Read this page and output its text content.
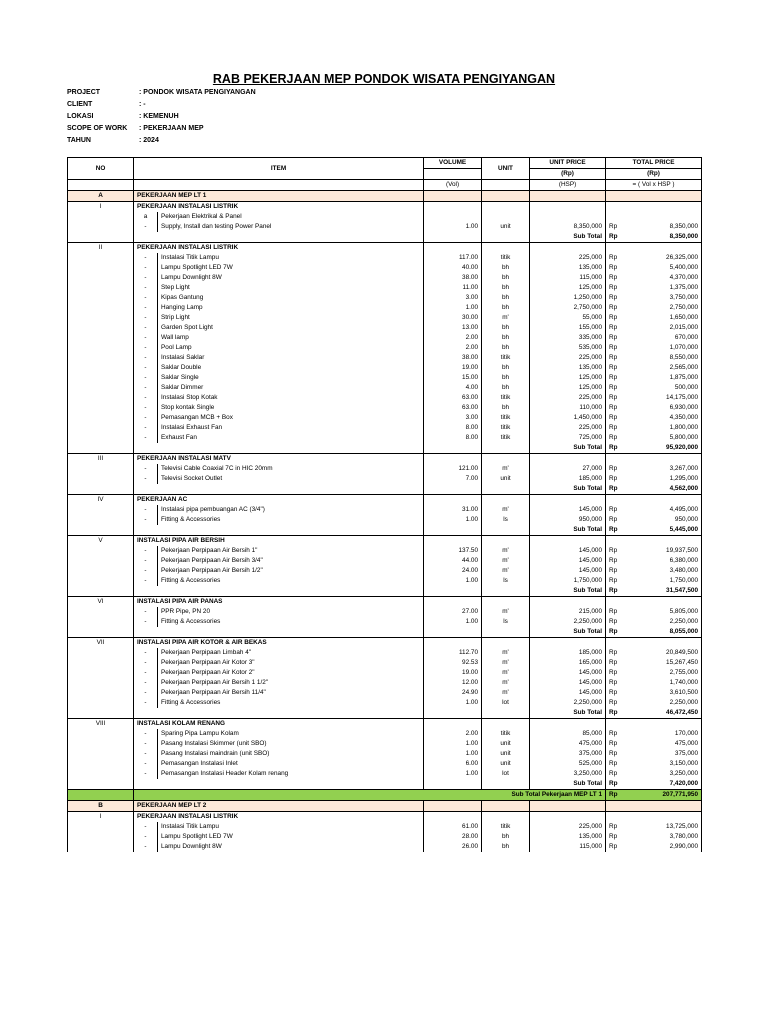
RAB PEKERJAAN MEP PONDOK WISATA PENGIYANGAN
PROJECT	: PONDOK WISATA PENGIYANGAN
CLIENT	: -
LOKASI	: KEMENUH
SCOPE OF WORK	: PEKERJAAN MEP
TAHUN	: 2024
NO	ITEM		VOLUME	UNIT	UNIT PRICE	TOTAL PRICE	
					(Rp)	(Rp)	
			(Vol)		(HSP)	= ( Vol x HSP )	
A	PEKERJAAN MEP LT 1						
I	PEKERJAAN INSTALASI LISTRIK						
	a	Pekerjaan Elektrikal & Panel					
	-	Supply, Install dan testing Power Panel	1.00	unit	8,350,000	Rp	8,350,000
					Sub Total	Rp	8,350,000
II	PEKERJAAN INSTALASI LISTRIK						
	-	Instalasi Titik Lampu	117.00	titik	225,000	Rp	26,325,000
	-	Lampu Spotlight LED 7W	40.00	bh	135,000	Rp	5,400,000
	-	Lampu Downlight 8W	38.00	bh	115,000	Rp	4,370,000
	-	Step Light	11.00	bh	125,000	Rp	1,375,000
	-	Kipas Gantung	3.00	bh	1,250,000	Rp	3,750,000
	-	Hanging Lamp	1.00	bh	2,750,000	Rp	2,750,000
	-	Strip Light	30.00	m'	55,000	Rp	1,650,000
	-	Garden Spot Light	13.00	bh	155,000	Rp	2,015,000
	-	Wall lamp	2.00	bh	335,000	Rp	670,000
	-	Pool Lamp	2.00	bh	535,000	Rp	1,070,000
	-	Instalasi Saklar	38.00	titik	225,000	Rp	8,550,000
	-	Saklar Double	19.00	bh	135,000	Rp	2,565,000
	-	Saklar Single	15.00	bh	125,000	Rp	1,875,000
	-	Saklar Dimmer	4.00	bh	125,000	Rp	500,000
	-	Instalasi Stop Kotak	63.00	titik	225,000	Rp	14,175,000
	-	Stop kontak Single	63.00	bh	110,000	Rp	6,930,000
	-	Pemasangan MCB + Box	3.00	titik	1,450,000	Rp	4,350,000
	-	Instalasi Exhaust Fan	8.00	titik	225,000	Rp	1,800,000
	-	Exhaust Fan	8.00	titik	725,000	Rp	5,800,000
					Sub Total	Rp	95,920,000
III	PEKERJAAN INSTALASI MATV						
	-	Televisi Cable Coaxial 7C in HIC 20mm	121.00	m'	27,000	Rp	3,267,000
	-	Televisi Socket Outlet	7.00	unit	185,000	Rp	1,295,000
					Sub Total	Rp	4,562,000
IV	PEKERJAAN AC						
	-	Instalasi pipa pembuangan AC (3/4")	31.00	m'	145,000	Rp	4,495,000
	-	Fitting & Accessories	1.00	ls	950,000	Rp	950,000
					Sub Total	Rp	5,445,000
V	INSTALASI PIPA AIR BERSIH						
	-	Pekerjaan Perpipaan Air Bersih 1"	137.50	m'	145,000	Rp	19,937,500
	-	Pekerjaan Perpipaan Air Bersih 3/4"	44.00	m'	145,000	Rp	6,380,000
	-	Pekerjaan Perpipaan Air Bersih 1/2"	24.00	m'	145,000	Rp	3,480,000
	-	Fitting & Accessories	1.00	ls	1,750,000	Rp	1,750,000
					Sub Total	Rp	31,547,500
VI	INSTALASI PIPA AIR PANAS						
	-	PPR Pipe, PN 20	27.00	m'	215,000	Rp	5,805,000
	-	Fitting & Accessories	1.00	ls	2,250,000	Rp	2,250,000
					Sub Total	Rp	8,055,000
VII	INSTALASI PIPA AIR KOTOR & AIR BEKAS						
	-	Pekerjaan Perpipaan Limbah 4"	112.70	m'	185,000	Rp	20,849,500
	-	Pekerjaan Perpipaan Air Kotor 3"	92.53	m'	165,000	Rp	15,267,450
	-	Pekerjaan Perpipaan Air Kotor 2"	19.00	m'	145,000	Rp	2,755,000
	-	Pekerjaan Perpipaan Air Bersih 1 1/2"	12.00	m'	145,000	Rp	1,740,000
	-	Pekerjaan Perpipaan Air Bersih 11/4"	24.90	m'	145,000	Rp	3,610,500
	-	Fitting & Accessories	1.00	lot	2,250,000	Rp	2,250,000
					Sub Total	Rp	46,472,450
VIII	INSTALASI KOLAM RENANG						
	-	Sparing Pipa Lampu Kolam	2.00	titik	85,000	Rp	170,000
	-	Pasang Instalasi Skimmer (unit SBO)	1.00	unit	475,000	Rp	475,000
	-	Pasang Instalasi maindrain (unit SBO)	1.00	unit	375,000	Rp	375,000
	-	Pemasangan Instalasi Inlet	6.00	unit	525,000	Rp	3,150,000
	-	Pemasangan Instalasi Header Kolam renang	1.00	lot	3,250,000	Rp	3,250,000
					Sub Total	Rp	7,420,000
	Sub Total Pekerjaan MEP LT 1					Rp	207,771,950
B	PEKERJAAN MEP LT 2						
I	PEKERJAAN INSTALASI LISTRIK						
	-	Instalasi Titik Lampu	61.00	titik	225,000	Rp	13,725,000
	-	Lampu Spotlight LED 7W	28.00	bh	135,000	Rp	3,780,000
	-	Lampu Downlight 8W	26.00	bh	115,000	Rp	2,990,000
